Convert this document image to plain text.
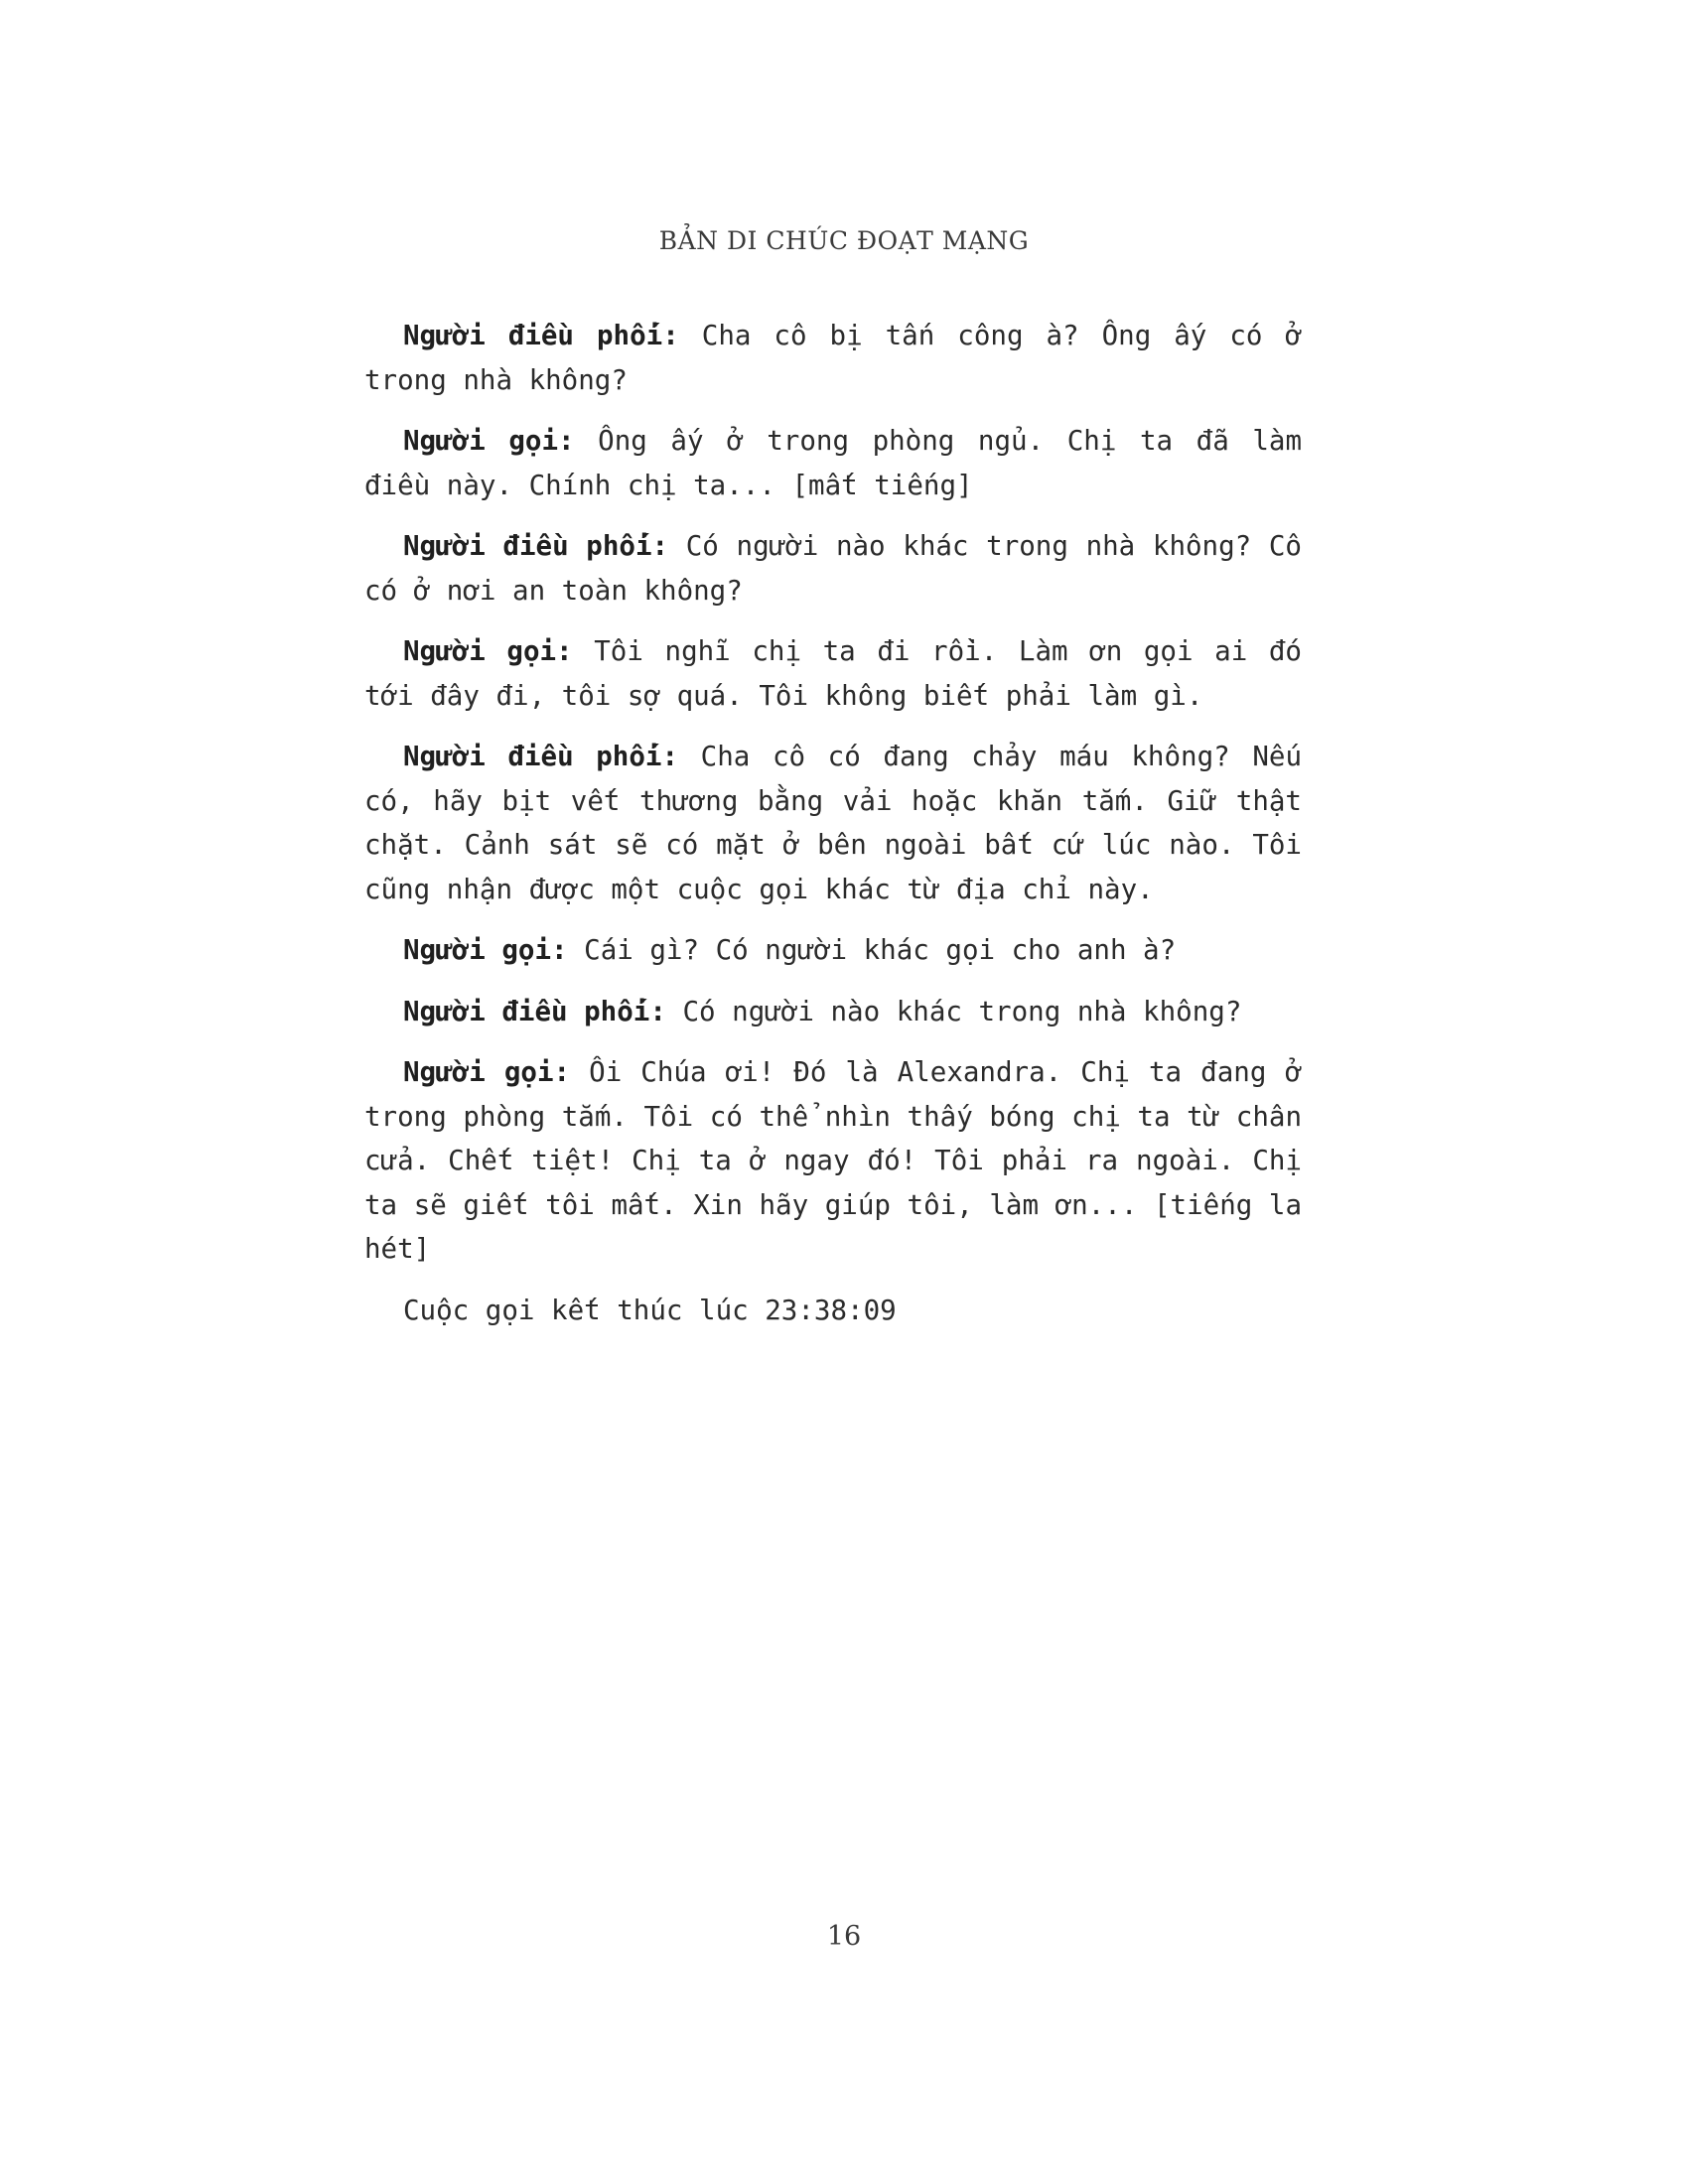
BẢN DI CHÚC ĐOẠT MẠNG

Người điều phối: Cha cô bị tấn công à? Ông ấy có ở trong nhà không?

Người gọi: Ông ấy ở trong phòng ngủ. Chị ta đã làm điều này. Chính chị ta... [mất tiếng]

Người điều phối: Có người nào khác trong nhà không? Cô có ở nơi an toàn không?

Người gọi: Tôi nghĩ chị ta đi rồi. Làm ơn gọi ai đó tới đây đi, tôi sợ quá. Tôi không biết phải làm gì.

Người điều phối: Cha cô có đang chảy máu không? Nếu có, hãy bịt vết thương bằng vải hoặc khăn tắm. Giữ thật chặt. Cảnh sát sẽ có mặt ở bên ngoài bất cứ lúc nào. Tôi cũng nhận được một cuộc gọi khác từ địa chỉ này.

Người gọi: Cái gì? Có người khác gọi cho anh à?

Người điều phối: Có người nào khác trong nhà không?

Người gọi: Ôi Chúa ơi! Đó là Alexandra. Chị ta đang ở trong phòng tắm. Tôi có thể nhìn thấy bóng chị ta từ chân cửa. Chết tiệt! Chị ta ở ngay đó! Tôi phải ra ngoài. Chị ta sẽ giết tôi mất. Xin hãy giúp tôi, làm ơn... [tiếng la hét]

Cuộc gọi kết thúc lúc 23:38:09

16
